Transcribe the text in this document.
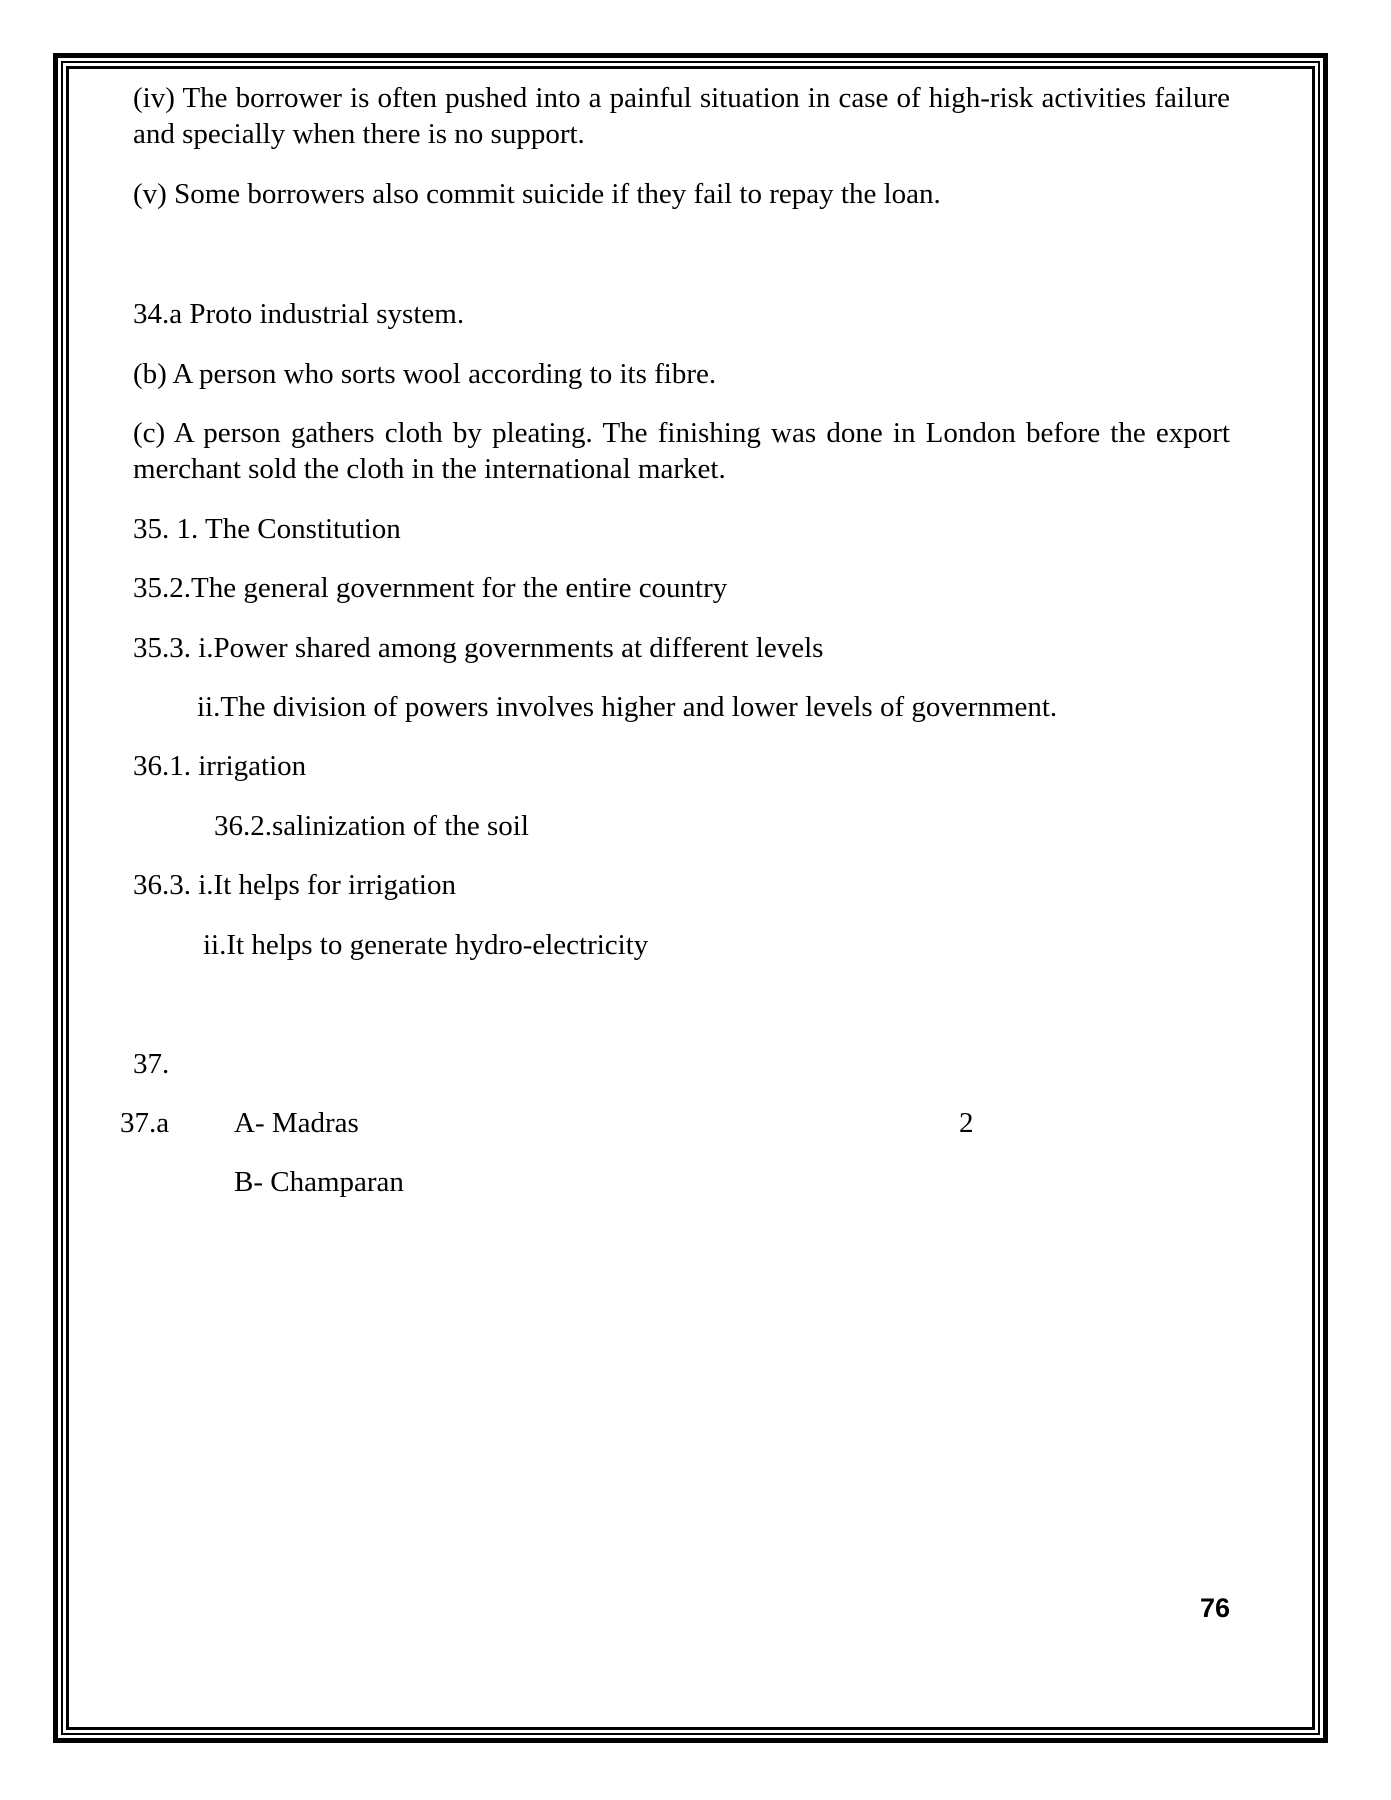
(iv) The borrower is often pushed into a painful situation in case of high-risk activities failure and specially when there is no support.
(v) Some borrowers also commit suicide if they fail to repay the loan.
34.a Proto industrial system.
(b) A person who sorts wool according to its fibre.
(c) A person gathers cloth by pleating. The finishing was done in London before the export merchant sold the cloth in the international market.
35. 1. The Constitution
35.2.The general government for the entire country
35.3. i.Power shared among governments at different levels
ii.The division of powers involves higher and lower levels of government.
36.1. irrigation
36.2.salinization of the soil
36.3. i.It helps for irrigation
ii.It helps to generate hydro-electricity
37.
37.a A- Madras	2
B- Champaran
76
